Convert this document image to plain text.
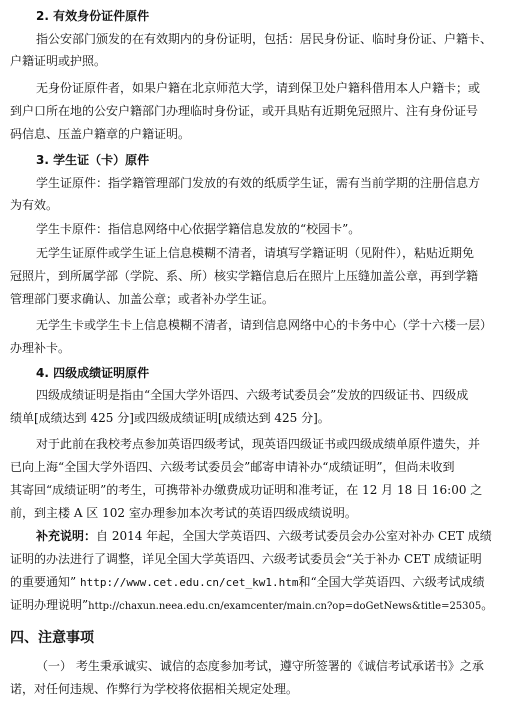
2. 有效身份证件原件
指公安部门颁发的在有效期内的身份证明，包括：居民身份证、临时身份证、户籍卡、
户籍证明或护照。
无身份证原件者，如果户籍在北京师范大学，请到保卫处户籍科借用本人户籍卡；或
到户口所在地的公安户籍部门办理临时身份证，或开具贴有近期免冠照片、注有身份证号
码信息、压盖户籍章的户籍证明。
3. 学生证（卡）原件
学生证原件：指学籍管理部门发放的有效的纸质学生证，需有当前学期的注册信息方
为有效。
学生卡原件：指信息网络中心依据学籍信息发放的“校园卡”。
无学生证原件或学生证上信息模糊不清者，请填写学籍证明（见附件），粘贴近期免
冠照片，到所属学部（学院、系、所）核实学籍信息后在照片上压缝加盖公章，再到学籍
管理部门要求确认、加盖公章；或者补办学生证。
无学生卡或学生卡上信息模糊不清者，请到信息网络中心的卡务中心（学十六楼一层）
办理补卡。
4. 四级成绩证明原件
四级成绩证明是指由“全国大学外语四、六级考试委员会”发放的四级证书、四级成
绩单[成绩达到 425 分]或四级成绩证明[成绩达到 425 分]。
对于此前在我校考点参加英语四级考试，现英语四级证书或四级成绩单原件遗失，并
已向上海“全国大学外语四、六级考试委员会”邮寄申请补办“成绩证明”，但尚未收到
其寄回“成绩证明”的考生，可携带补办缴费成功证明和准考证，在 12 月 18 日 16:00 之
前，到主楼 A 区 102 室办理参加本次考试的英语四级成绩说明。
补充说明：自 2014 年起，全国大学英语四、六级考试委员会办公室对补办 CET 成绩
证明的办法进行了调整，详见全国大学英语四、六级考试委员会“关于补办 CET 成绩证明
的重要通知” http://www.cet.edu.cn/cet_kw1.htm和“全国大学英语四、六级考试成绩
证明办理说明”http://chaxun.neea.edu.cn/examcenter/main.cn?op=doGetNews&title=25305。
四、注意事项
（一） 考生秉承诚实、诚信的态度参加考试，遵守所签署的《诚信考试承诺书》之承
诺，对任何违规、作弊行为学校将依据相关规定处理。
